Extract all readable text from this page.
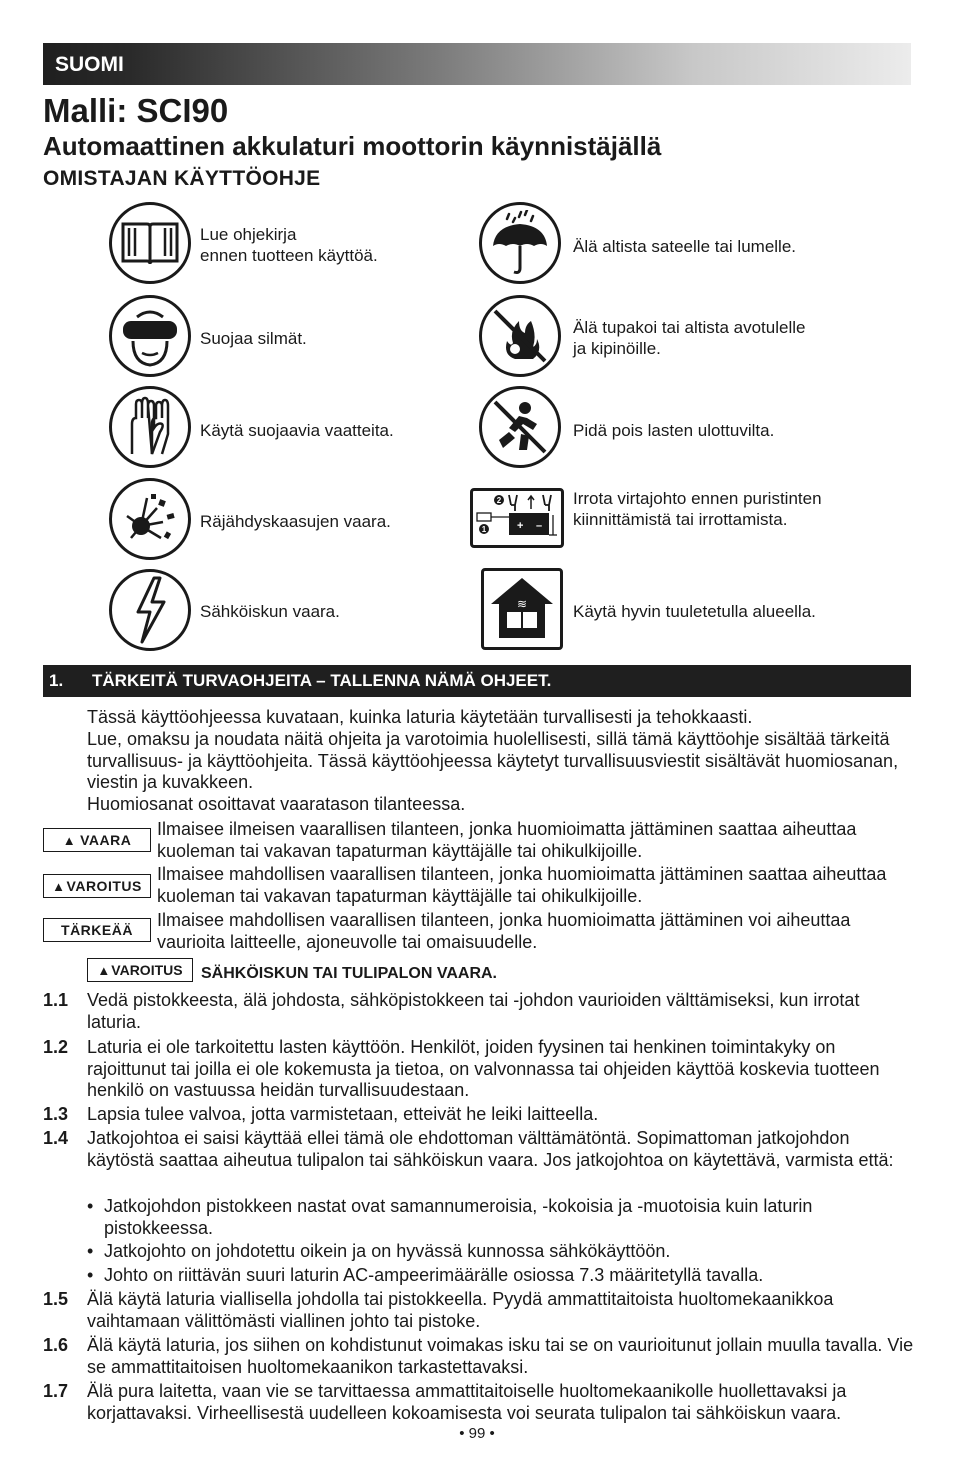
SUOMI
Malli: SCI90
Automaattinen akkulaturi moottorin käynnistäjällä
OMISTAJAN KÄYTTÖOHJE
Lue ohjekirja
ennen tuotteen käyttöä.
Suojaa silmät.
Käytä suojaavia vaatteita.
Räjähdyskaasujen vaara.
Sähköiskun vaara.
Älä altista sateelle tai lumelle.
Älä tupakoi tai altista avotulelle
ja kipinöille.
Pidä pois lasten ulottuvilta.
2
+ –
1
Irrota virtajohto ennen puristinten
kiinnittämistä tai irrottamista.
≋	Käytä hyvin tuuletetulla alueella.
1.	TÄRKEITÄ TURVAOHJEITA – TALLENNA NÄMÄ OHJEET.
Tässä käyttöohjeessa kuvataan, kuinka laturia käytetään turvallisesti ja tehokkaasti.
Lue, omaksu ja noudata näitä ohjeita ja varotoimia huolellisesti, sillä tämä käyttöohje sisältää tärkeitä turvallisuus- ja käyttöohjeita. Tässä käyttöohjeessa käytetyt turvallisuusviestit sisältävät huomiosanan, viestin ja kuvakkeen.
Huomiosanat osoittavat vaaratason tilanteessa.
▲ VAARA
Ilmaisee ilmeisen vaarallisen tilanteen, jonka huomioimatta jättäminen saattaa aiheuttaa kuoleman tai vakavan tapaturman käyttäjälle tai ohikulkijoille.
▲ VAROITUS
Ilmaisee mahdollisen vaarallisen tilanteen, jonka huomioimatta jättäminen saattaa aiheuttaa kuoleman tai vakavan tapaturman käyttäjälle tai ohikulkijoille.
TÄRKEÄÄ Ilmaisee mahdollisen vaarallisen tilanteen, jonka huomioimatta jättäminen voi aiheuttaa vaurioita laitteelle, ajoneuvolle tai omaisuudelle.
▲ VAROITUS SÄHKÖISKUN TAI TULIPALON VAARA.
1.1 Vedä pistokkeesta, älä johdosta, sähköpistokkeen tai -johdon vaurioiden välttämiseksi, kun irrotat laturia.
1.2 Laturia ei ole tarkoitettu lasten käyttöön. Henkilöt, joiden fyysinen tai henkinen toimintakyky on rajoittunut tai joilla ei ole kokemusta ja tietoa, on valvonnassa tai ohjeiden käyttöä koskevia tuotteen henkilö on vastuussa heidän turvallisuudestaan.
1.3 Lapsia tulee valvoa, jotta varmistetaan, etteivät he leiki laitteella.
1.4 Jatkojohtoa ei saisi käyttää ellei tämä ole ehdottoman välttämätöntä. Sopimattoman jatkojohdon käytöstä saattaa aiheutua tulipalon tai sähköiskun vaara. Jos jatkojohtoa on käytettävä, varmista että:
• Jatkojohdon pistokkeen nastat ovat samannumeroisia, -kokoisia ja -muotoisia kuin laturin pistokkeessa.
• Jatkojohto on johdotettu oikein ja on hyvässä kunnossa sähkökäyttöön.
• Johto on riittävän suuri laturin AC-ampeerimäärälle osiossa 7.3 määritetyllä tavalla.
1.5 Älä käytä laturia viallisella johdolla tai pistokkeella. Pyydä ammattitaitoista huoltomekaanikkoa vaihtamaan välittömästi viallinen johto tai pistoke.
1.6 Älä käytä laturia, jos siihen on kohdistunut voimakas isku tai se on vaurioitunut jollain muulla tavalla. Vie se ammattitaitoisen huoltomekaanikon tarkastettavaksi.
1.7 Älä pura laitetta, vaan vie se tarvittaessa ammattitaitoiselle huoltomekaanikolle huollettavaksi ja korjattavaksi. Virheellisestä uudelleen kokoamisesta voi seurata tulipalon tai sähköiskun vaara.
• 99 •
